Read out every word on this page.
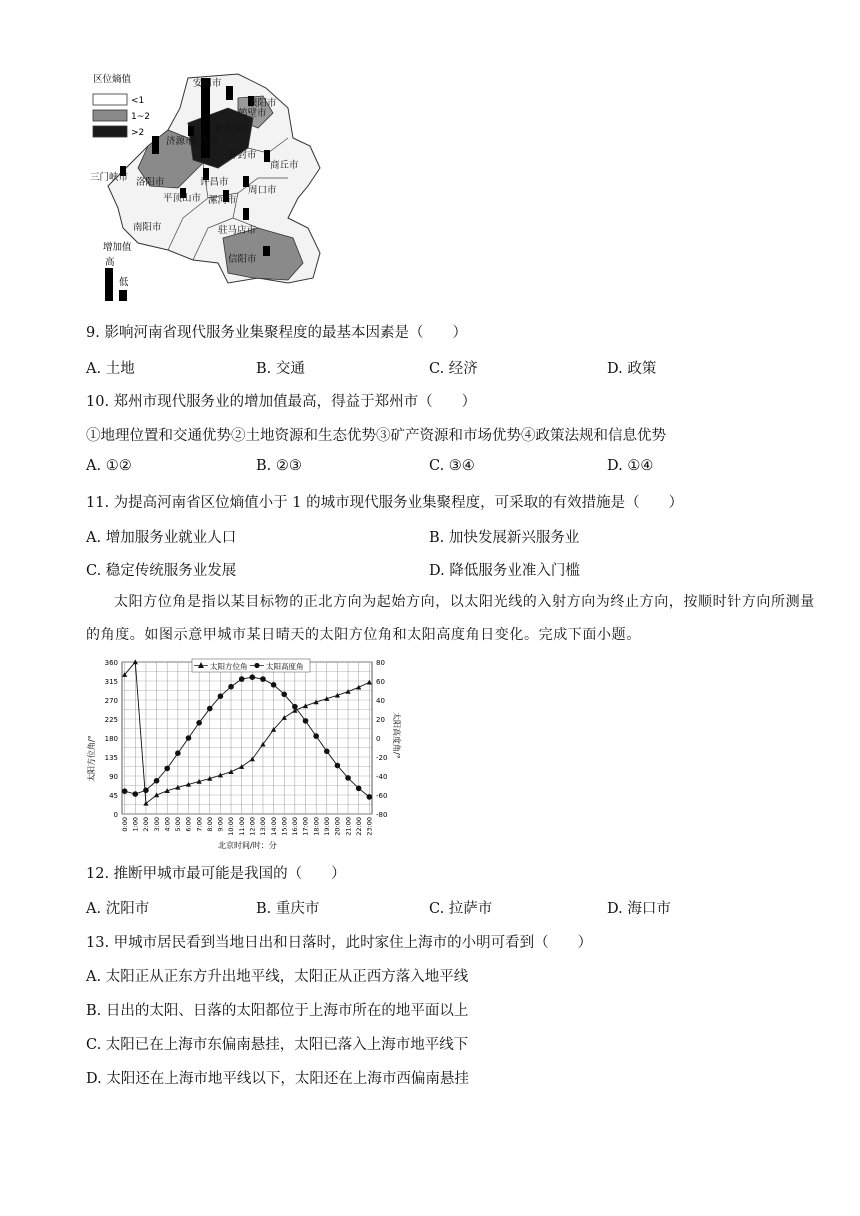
安阳市
濮阳市
鹤壁市
新乡市
济源市
焦作市
开封市
商丘市
三门峡市 洛阳市	许昌市
周口市
平顶山市 漯河市
南阳市	驻马店市
信阳市
区位熵值
<1
1~2
>2
增加值
高
低
9. 影响河南省现代服务业集聚程度的最基本因素是（　　）
A. 土地	B. 交通	C. 经济	D. 政策
10. 郑州市现代服务业的增加值最高，得益于郑州市（　　）
①地理位置和交通优势②土地资源和生态优势③矿产资源和市场优势④政策法规和信息优势
A. ①②	B. ②③	C. ③④	D. ①④
11. 为提高河南省区位熵值小于 1 的城市现代服务业集聚程度，可采取的有效措施是（　　）
A. 增加服务业就业人口	B. 加快发展新兴服务业
C. 稳定传统服务业发展	D. 降低服务业准入门槛
太阳方位角是指以某目标物的正北方向为起始方向，以太阳光线的入射方向为终止方向，按顺时针方向所测量的角度。如图示意甲城市某日晴天的太阳方位角和太阳高度角日变化。完成下面小题。
0
45
90
135
180
225
270
315
360
-80
-60
-40
-20
0
20
40
60
80
0:00 1:00 2:00 3:00 4:00 5:00 6:00 7:00 8:00 9:00 10:00 11:00 12:00 13:00 14:00 15:00 16:00 17:00 18:00 19:00 20:00 21:00 22:00 23:00
太阳方位角 太阳高度角
太阳方位角/°	太阳高度角/°
北京时间/时：分
12. 推断甲城市最可能是我国的（　　）
A. 沈阳市	B. 重庆市	C. 拉萨市	D. 海口市
13. 甲城市居民看到当地日出和日落时，此时家住上海市的小明可看到（　　）
A. 太阳正从正东方升出地平线，太阳正从正西方落入地平线
B. 日出的太阳、日落的太阳都位于上海市所在的地平面以上
C. 太阳已在上海市东偏南悬挂，太阳已落入上海市地平线下
D. 太阳还在上海市地平线以下，太阳还在上海市西偏南悬挂
